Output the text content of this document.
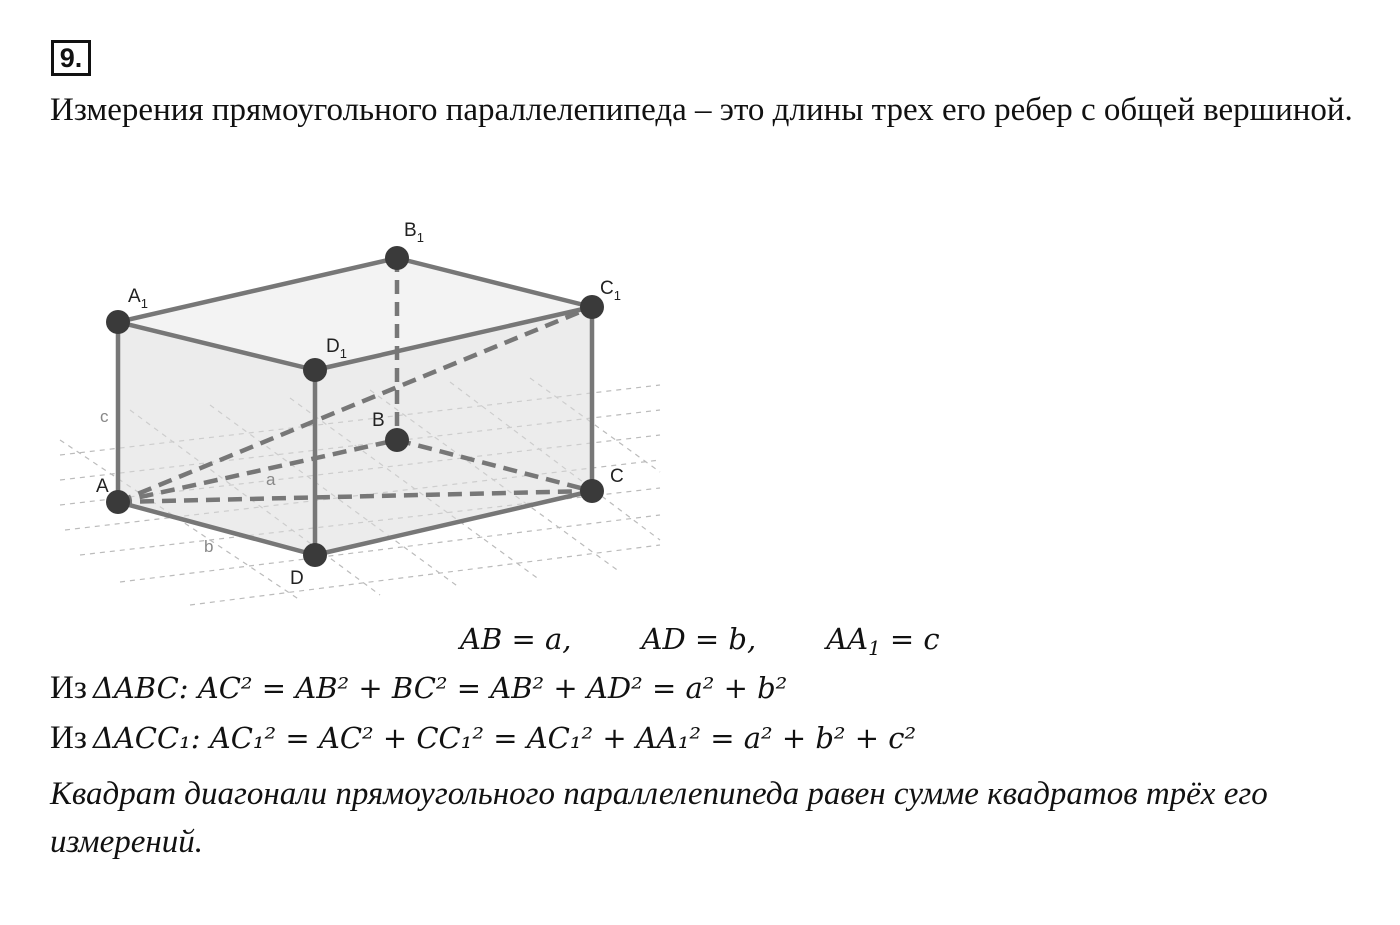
9.

Измерения прямоугольного параллелепипеда – это длины трех его ребер с общей вершиной.

$A_1$
$B_1$
$C_1$
$D_1$
A
B
C
D
c
a
b
AB = a, AD = b, $AA_1 = c$
Из ΔABC: AC² = AB² + BC² = AB² + AD² = a² + b²
Из ΔACC₁: AC₁² = AC² + CC₁² = AC₁² + AA₁² = a² + b² + c²

Квадрат диагонали прямоугольного параллелепипеда равен сумме квадратов трёх его измерений.
